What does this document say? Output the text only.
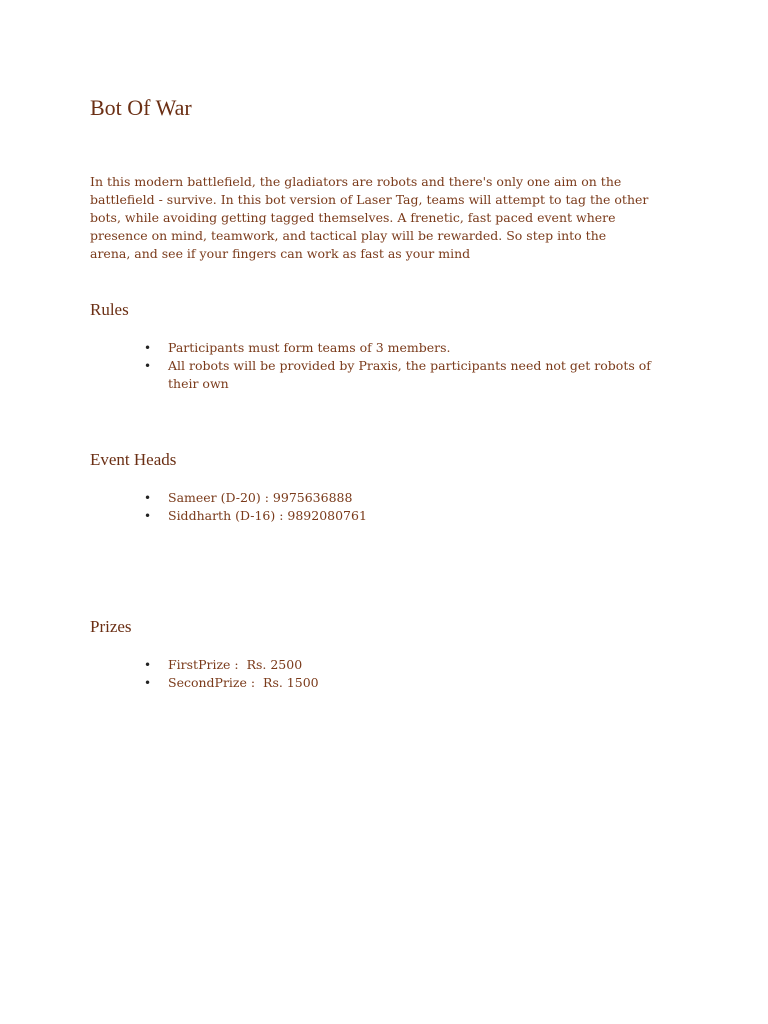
Bot Of War

In this modern battlefield, the gladiators are robots and there's only one aim on the battlefield - survive. In this bot version of Laser Tag, teams will attempt to tag the other bots, while avoiding getting tagged themselves. A frenetic, fast paced event where presence on mind, teamwork, and tactical play will be rewarded. So step into the arena, and see if your fingers can work as fast as your mind

Rules
• Participants must form teams of 3 members.
• All robots will be provided by Praxis, the participants need not get robots of their own
Event Heads
• Sameer (D-20) : 9975636888
• Siddharth (D-16) : 9892080761
Prizes
• FirstPrize :  Rs. 2500
• SecondPrize :  Rs. 1500
